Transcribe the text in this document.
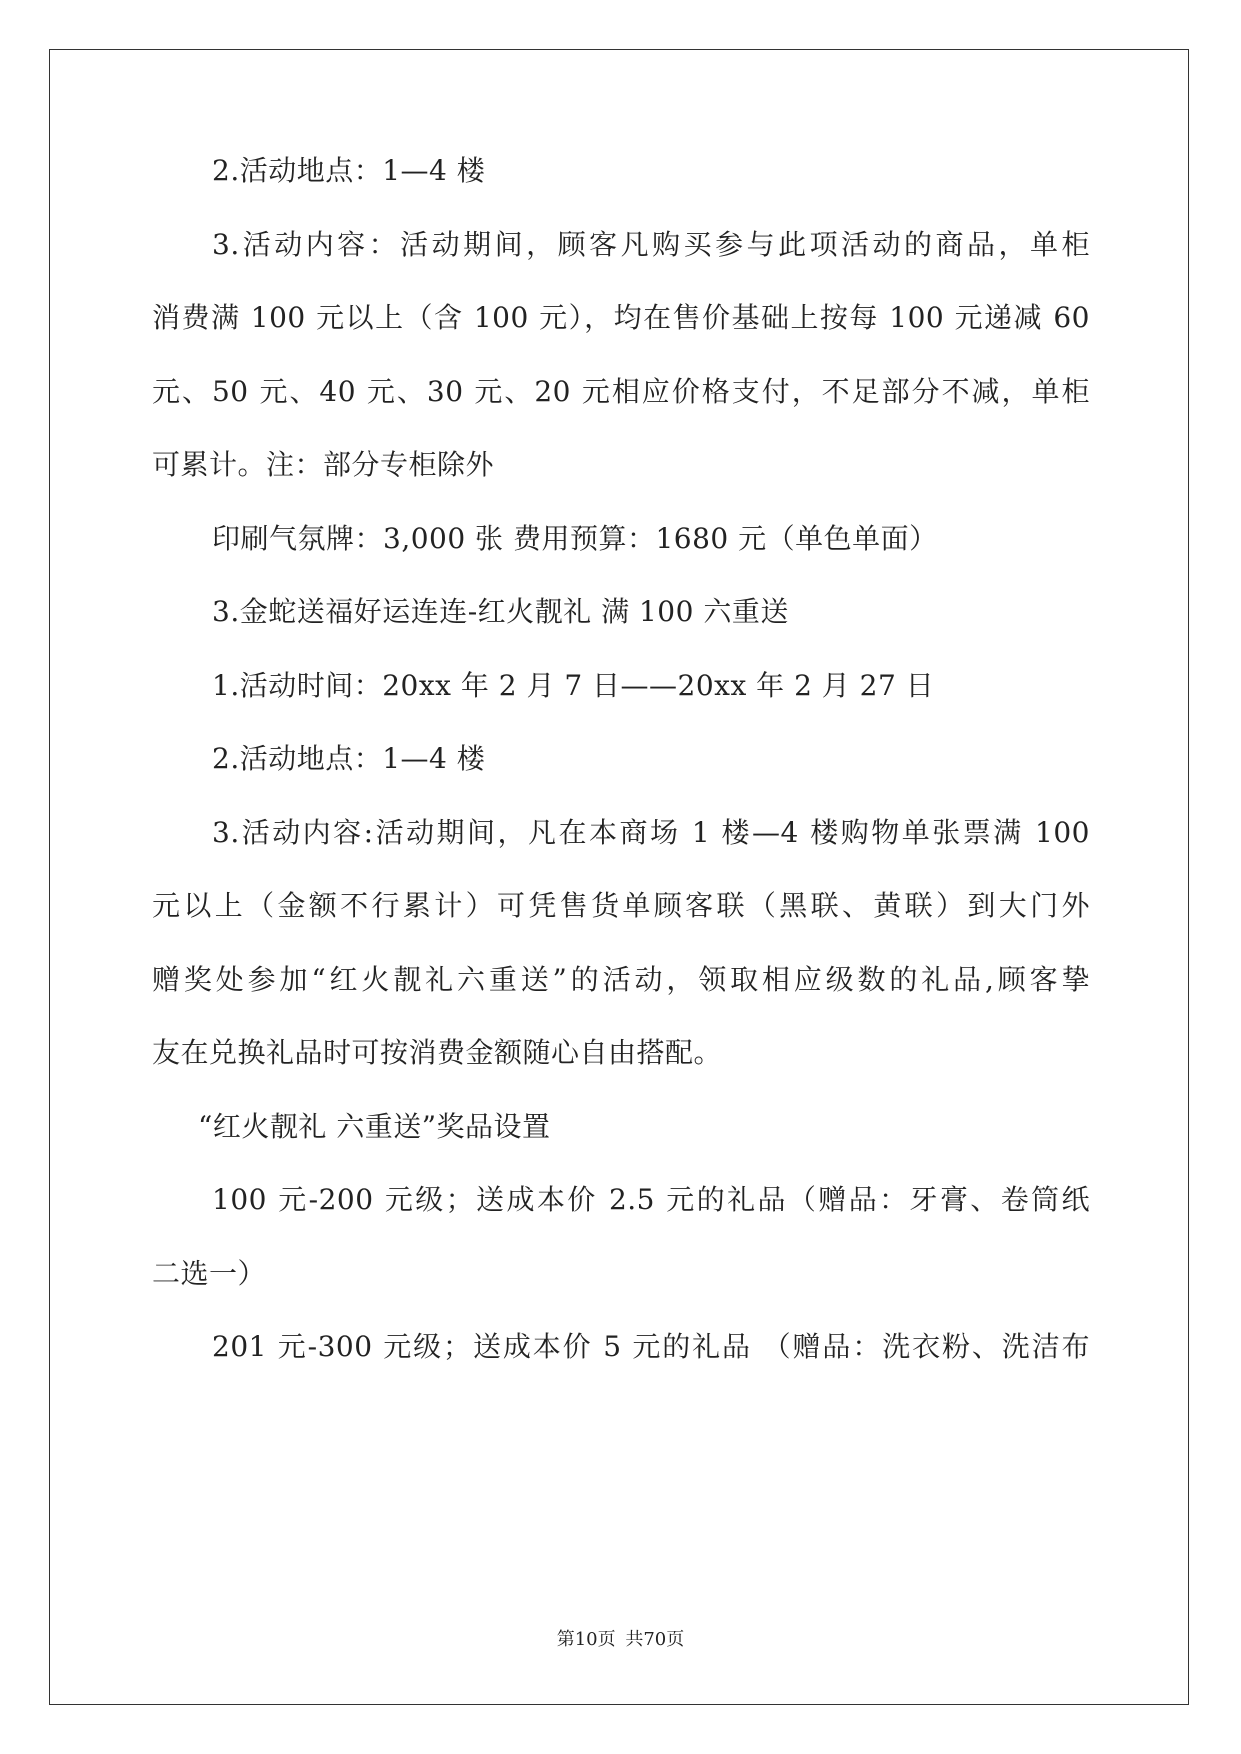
2.活动地点：1—4 楼
3.活动内容：活动期间，顾客凡购买参与此项活动的商品，单柜
消费满 100 元以上（含 100 元），均在售价基础上按每 100 元递减 60
元、50 元、40 元、30 元、20 元相应价格支付，不足部分不减，单柜
可累计。注：部分专柜除外
印刷气氛牌：3,000 张 费用预算：1680 元（单色单面）
3.金蛇送福好运连连-红火靓礼 满 100 六重送
1.活动时间：20xx 年 2 月 7 日——20xx 年 2 月 27 日
2.活动地点：1—4 楼
3.活动内容:活动期间，凡在本商场 1 楼—4 楼购物单张票满 100
元以上（金额不行累计）可凭售货单顾客联（黑联、黄联）到大门外
赠奖处参加“红火靓礼六重送”的活动，领取相应级数的礼品,顾客挚
友在兑换礼品时可按消费金额随心自由搭配。
“红火靓礼 六重送”奖品设置
100 元-200 元级；送成本价 2.5 元的礼品（赠品：牙膏、卷筒纸
二选一）
201 元-300 元级；送成本价 5 元的礼品 （赠品：洗衣粉、洗洁布
第10页 共70页
